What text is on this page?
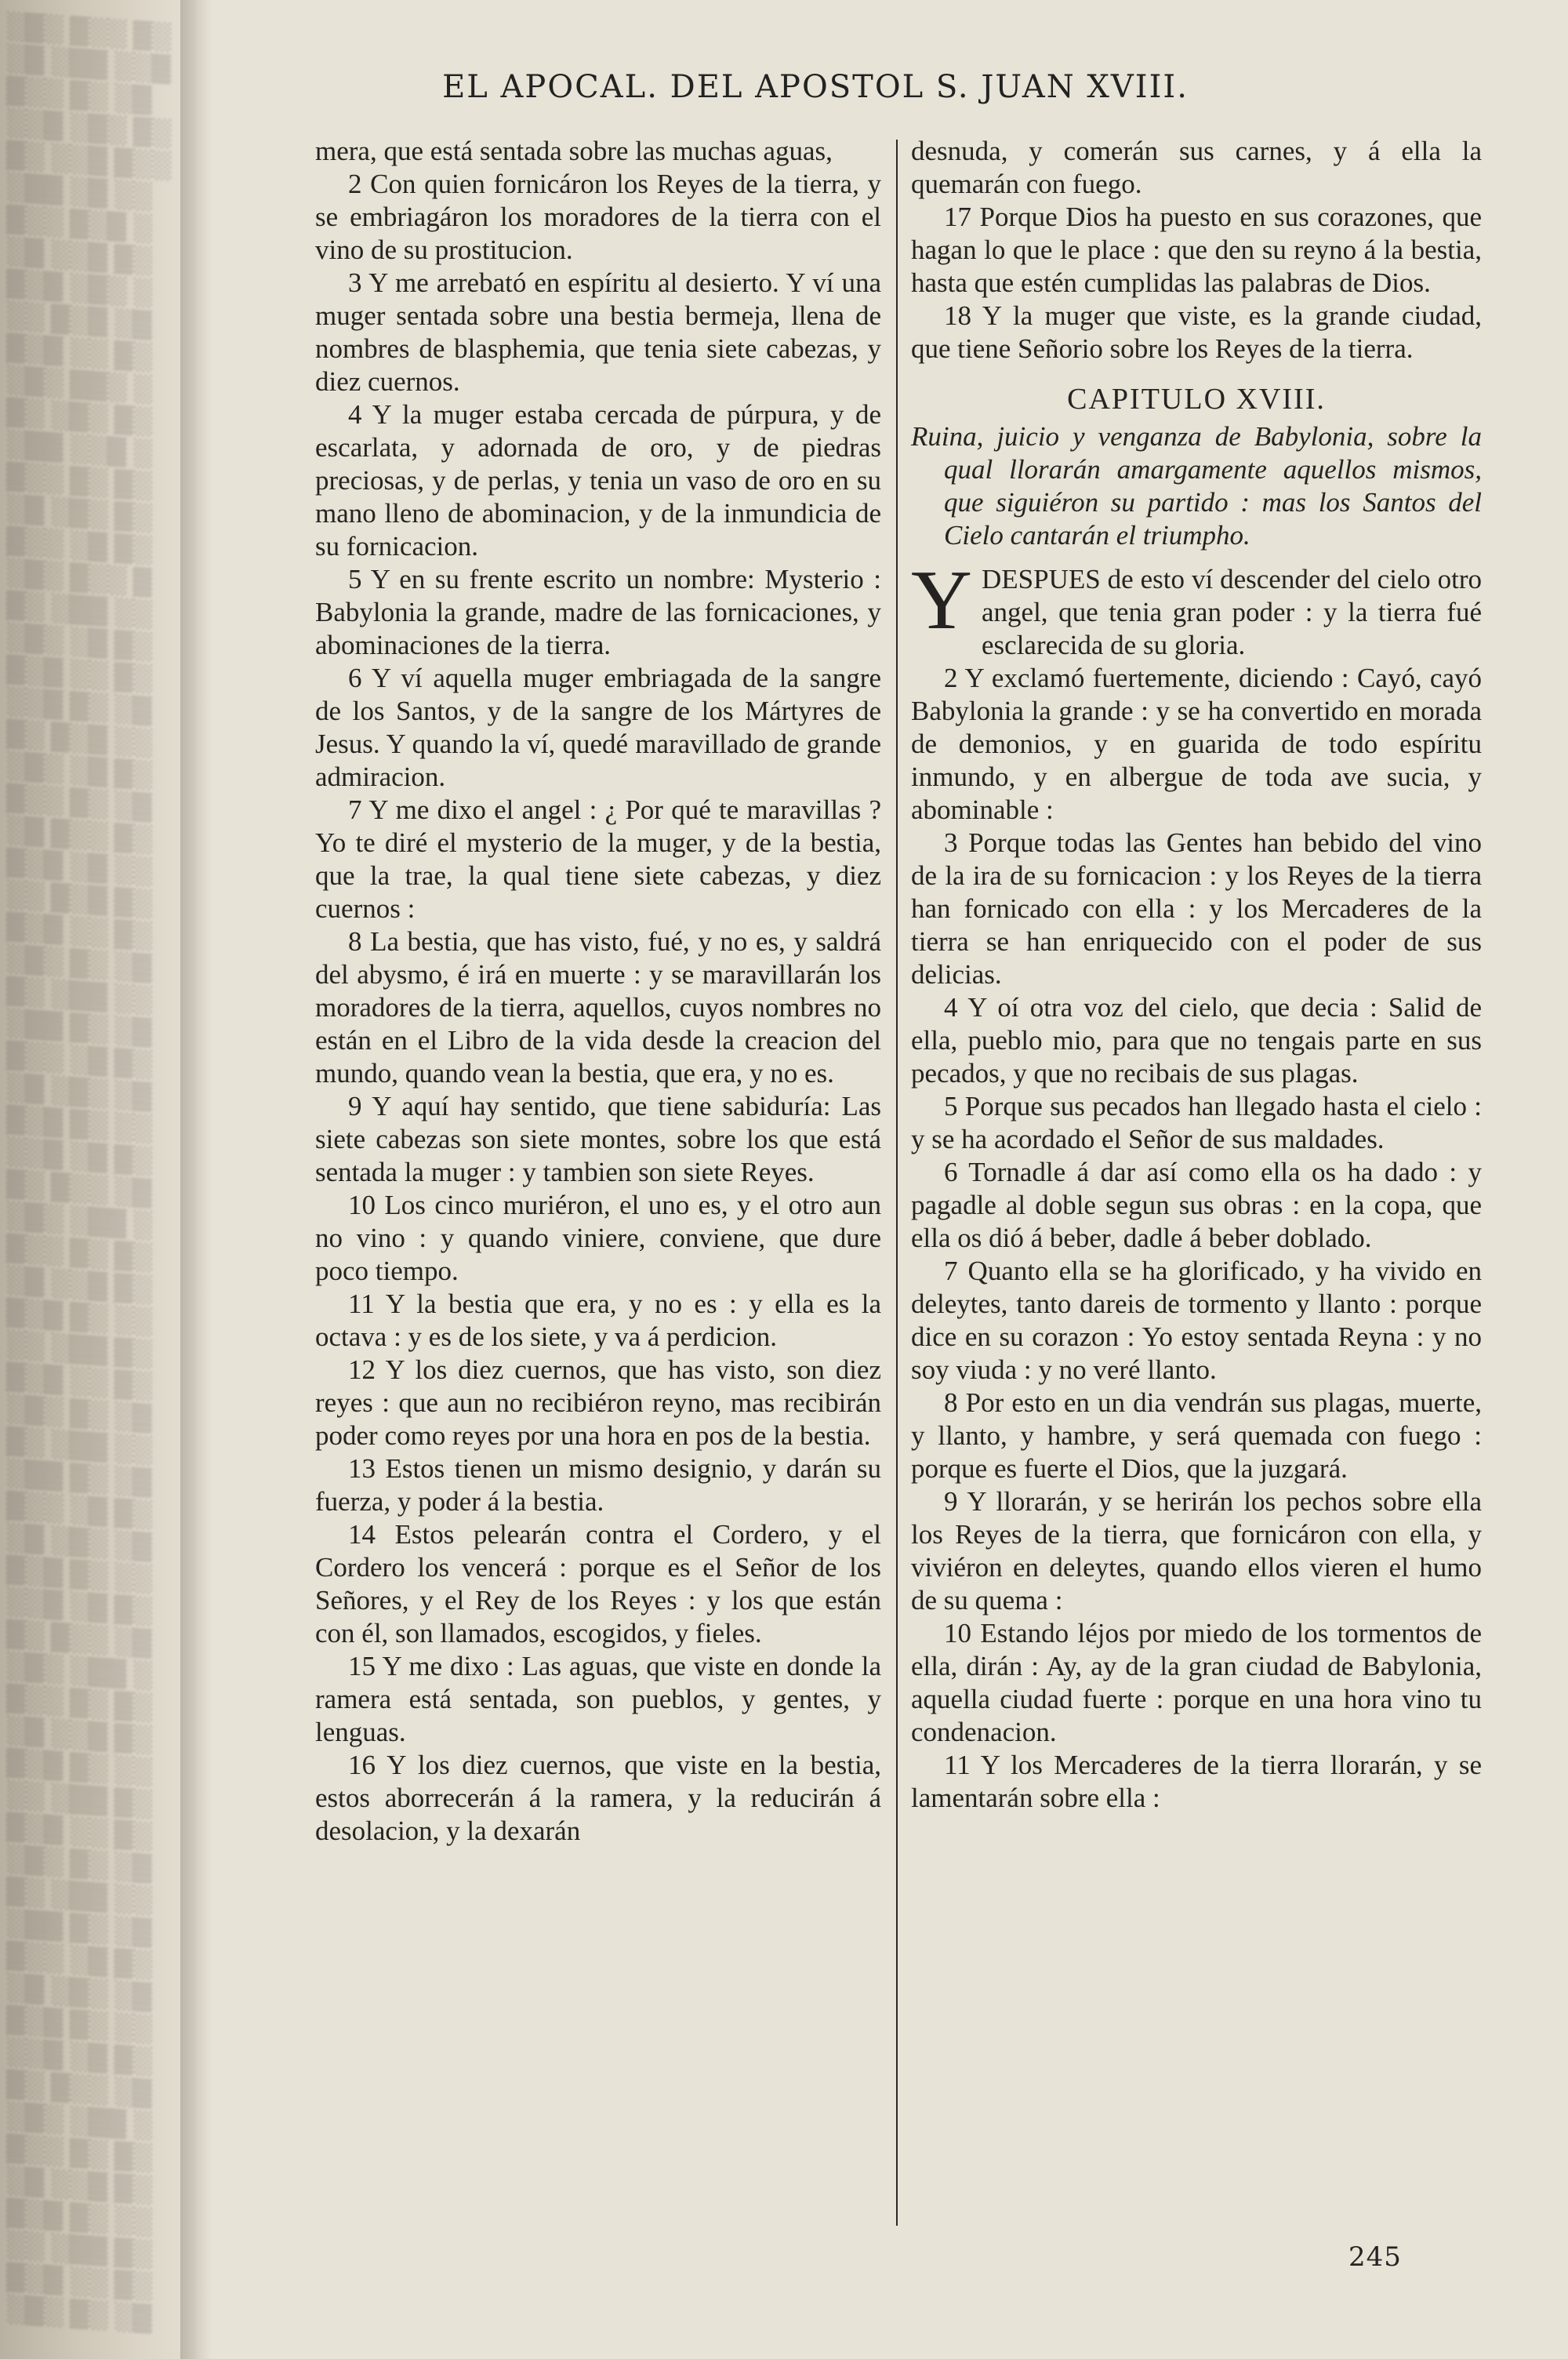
░▒░ ▒░░ ▒░
░▒ ░▒▒ ░░▒
▒░░ ▒░ ░▒
░░▒ ░▒░ ▒░
▒░ ░░▒ ▒░░
░▒▒ ░▒ ░░
▒░░ ▒░▒ ░
░▒ ░░▒ ▒░
▒░▒ ░▒░ ░
░░ ▒░▒ ░▒
▒░▒ ░░ ▒░
░▒░ ▒▒░ ░
▒░ ░▒░ ▒░
░▒▒ ░░▒ ░
▒░░ ▒░ ▒░
░▒ ░▒░ ▒░
▒░░ ░▒ ▒░
░▒░ ▒░░ ▒
▒░ ░▒▒ ░░
░▒░ ░▒ ▒░
▒░▒ ░░ ▒░
░░▒ ▒░ ░▒
▒░ ▒░▒ ░░
░▒░ ░▒ ▒░
▒░░ ▒░ ░▒
░▒ ▒░░ ▒░
▒░▒ ░▒ ░░
░░ ▒░▒ ▒░
▒░▒ ░░ ▒░
░▒░ ▒░ ░▒
▒░ ░▒▒ ░░
░▒▒ ▒░ ░▒
▒░░ ░▒ ▒░
░▒ ░▒░ ░▒
▒░▒ ▒░ ░░
░░▒ ░▒ ▒░
▒░ ▒░░ ░▒
░▒░ ░▒▒ ░
▒░░ ▒░ ▒░
░▒ ░░▒ ▒░
▒░▒ ▒░ ░░
░░ ░▒▒ ▒░
▒░▒ ░░ ▒░
░▒░ ▒░ ░▒
▒░ ░▒▒ ░░
░▒▒ ▒░ ░▒
▒░░ ░▒ ▒░
░▒ ░▒░ ░▒
▒░▒ ▒░ ░░
░░▒ ░▒ ▒░
▒░ ▒░░ ░▒
░▒░ ░▒▒ ░
▒░░ ▒░ ▒░
░▒ ░░▒ ▒░
▒░▒ ▒░ ░░
░░ ░▒▒ ▒░
▒░▒ ░░ ▒░
░▒░ ▒░ ░▒
▒░ ░▒▒ ░░
░▒▒ ▒░ ░▒
▒░░ ░▒ ▒░
░▒ ░▒░ ░▒
▒░▒ ▒░ ░░
░░▒ ░▒ ▒░
▒░ ▒░░ ░▒
░▒░ ░▒▒ ░
▒░░ ▒░ ▒░
░▒ ░░▒ ▒░
▒░▒ ▒░ ░░
░░ ░▒▒ ▒░
▒░▒ ░░ ▒░
░▒░ ▒░ ░▒
EL APOCAL. DEL APOSTOL S. JUAN XVIII.

mera, que está sentada sobre las muchas aguas,

2 Con quien fornicáron los Reyes de la tierra, y se embriagáron los moradores de la tierra con el vino de su prostitucion.

3 Y me arrebató en espíritu al desierto. Y ví una muger sentada sobre una bestia bermeja, llena de nombres de blasphemia, que tenia siete cabezas, y diez cuernos.

4 Y la muger estaba cercada de púrpura, y de escarlata, y adornada de oro, y de piedras preciosas, y de perlas, y tenia un vaso de oro en su mano lleno de abominacion, y de la inmundicia de su fornicacion.

5 Y en su frente escrito un nombre: Mysterio : Babylonia la grande, madre de las fornicaciones, y abominaciones de la tierra.

6 Y ví aquella muger embriagada de la sangre de los Santos, y de la sangre de los Mártyres de Jesus. Y quando la ví, quedé maravillado de grande admiracion.

7 Y me dixo el angel : ¿ Por qué te maravillas ? Yo te diré el mysterio de la muger, y de la bestia, que la trae, la qual tiene siete cabezas, y diez cuernos :

8 La bestia, que has visto, fué, y no es, y saldrá del abysmo, é irá en muerte : y se maravillarán los moradores de la tierra, aquellos, cuyos nombres no están en el Libro de la vida desde la creacion del mundo, quando vean la bestia, que era, y no es.

9 Y aquí hay sentido, que tiene sabiduría: Las siete cabezas son siete montes, sobre los que está sentada la muger : y tambien son siete Reyes.

10 Los cinco muriéron, el uno es, y el otro aun no vino : y quando viniere, conviene, que dure poco tiempo.

11 Y la bestia que era, y no es : y ella es la octava : y es de los siete, y va á perdicion.

12 Y los diez cuernos, que has visto, son diez reyes : que aun no recibiéron reyno, mas recibirán poder como reyes por una hora en pos de la bestia.

13 Estos tienen un mismo designio, y darán su fuerza, y poder á la bestia.

14 Estos pelearán contra el Cordero, y el Cordero los vencerá : porque es el Señor de los Señores, y el Rey de los Reyes : y los que están con él, son llamados, escogidos, y fieles.

15 Y me dixo : Las aguas, que viste en donde la ramera está sentada, son pueblos, y gentes, y lenguas.

16 Y los diez cuernos, que viste en la bestia, estos aborrecerán á la ramera, y la reducirán á desolacion, y la dexarán

desnuda, y comerán sus carnes, y á ella la quemarán con fuego.

17 Porque Dios ha puesto en sus corazones, que hagan lo que le place : que den su reyno á la bestia, hasta que estén cumplidas las palabras de Dios.

18 Y la muger que viste, es la grande ciudad, que tiene Señorio sobre los Reyes de la tierra.

CAPITULO XVIII.
Ruina, juicio y venganza de Babylonia, sobre la qual llorarán amargamente aquellos mismos, que siguiéron su partido : mas los Santos del Cielo cantarán el triumpho.

YDESPUES de esto ví descender del cielo otro angel, que tenia gran poder : y la tierra fué esclarecida de su gloria.

2 Y exclamó fuertemente, diciendo : Cayó, cayó Babylonia la grande : y se ha convertido en morada de demonios, y en guarida de todo espíritu inmundo, y en albergue de toda ave sucia, y abominable :

3 Porque todas las Gentes han bebido del vino de la ira de su fornicacion : y los Reyes de la tierra han fornicado con ella : y los Mercaderes de la tierra se han enriquecido con el poder de sus delicias.

4 Y oí otra voz del cielo, que decia : Salid de ella, pueblo mio, para que no tengais parte en sus pecados, y que no recibais de sus plagas.

5 Porque sus pecados han llegado hasta el cielo : y se ha acordado el Señor de sus maldades.

6 Tornadle á dar así como ella os ha dado : y pagadle al doble segun sus obras : en la copa, que ella os dió á beber, dadle á beber doblado.

7 Quanto ella se ha glorificado, y ha vivido en deleytes, tanto dareis de tormento y llanto : porque dice en su corazon : Yo estoy sentada Reyna : y no soy viuda : y no veré llanto.

8 Por esto en un dia vendrán sus plagas, muerte, y llanto, y hambre, y será quemada con fuego : porque es fuerte el Dios, que la juzgará.

9 Y llorarán, y se herirán los pechos sobre ella los Reyes de la tierra, que fornicáron con ella, y viviéron en deleytes, quando ellos vieren el humo de su quema :

10 Estando léjos por miedo de los tormentos de ella, dirán : Ay, ay de la gran ciudad de Babylonia, aquella ciudad fuerte : porque en una hora vino tu condenacion.

11 Y los Mercaderes de la tierra llorarán, y se lamentarán sobre ella :

245
